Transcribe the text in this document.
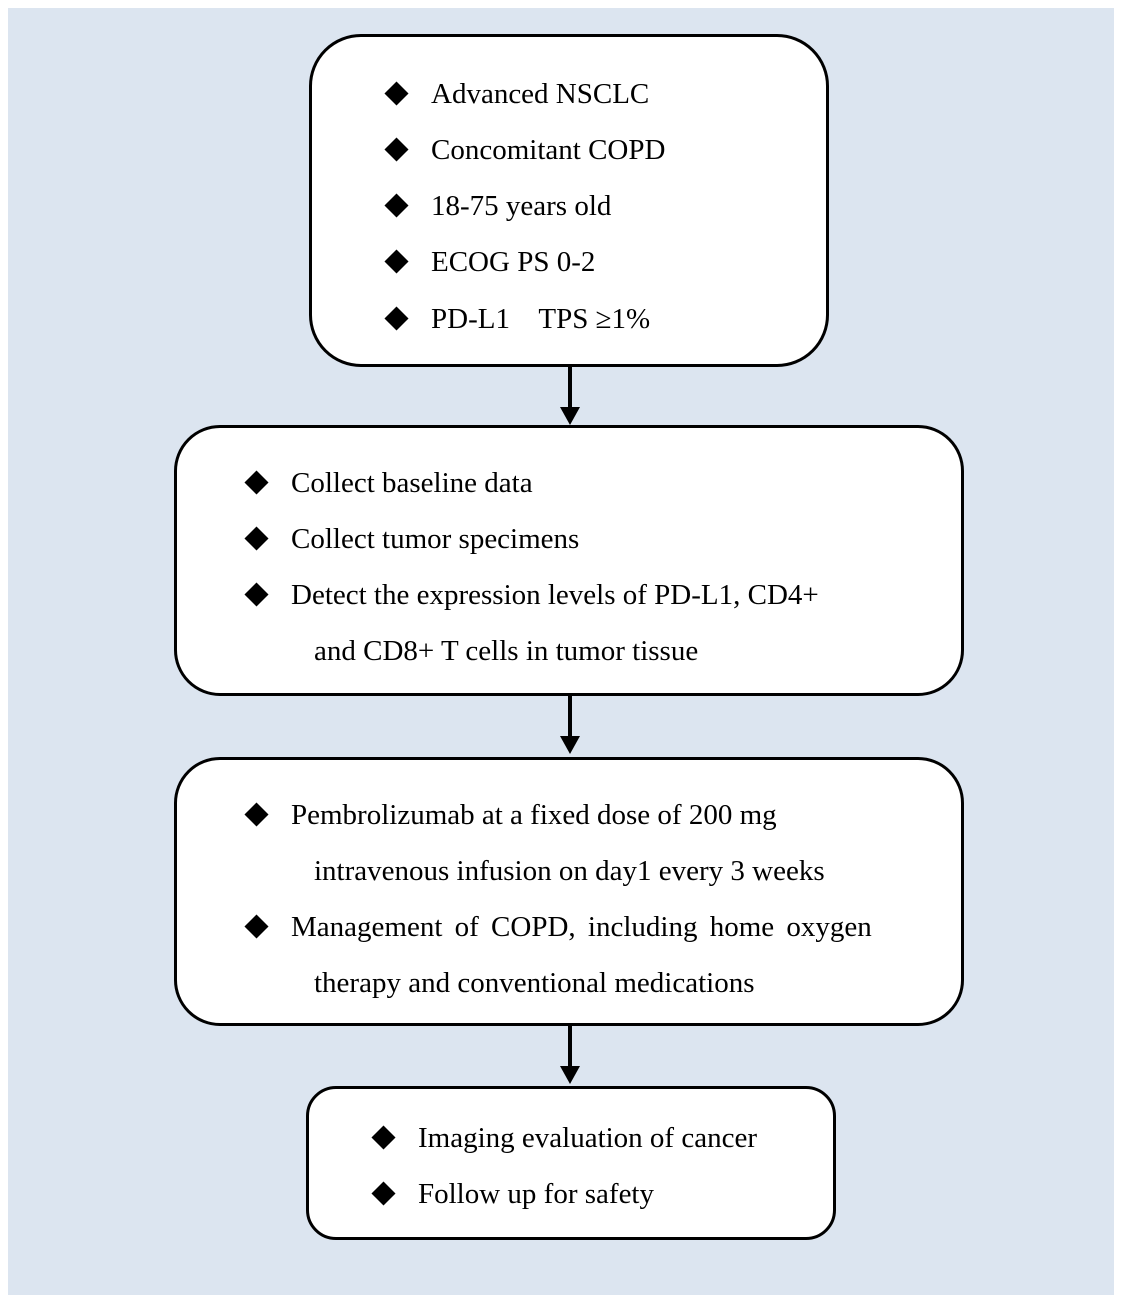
Advanced NSCLC
Concomitant COPD
18-75 years old
ECOG PS 0-2
PD-L1    TPS ≥1%
Collect baseline data
Collect tumor specimens
Detect the expression levels of PD-L1, CD4+
and CD8+ T cells in tumor tissue
Pembrolizumab at a fixed dose of 200 mg
intravenous infusion on day1 every 3 weeks
Management of COPD, including home oxygen
therapy and conventional medications
Imaging evaluation of cancer
Follow up for safety
